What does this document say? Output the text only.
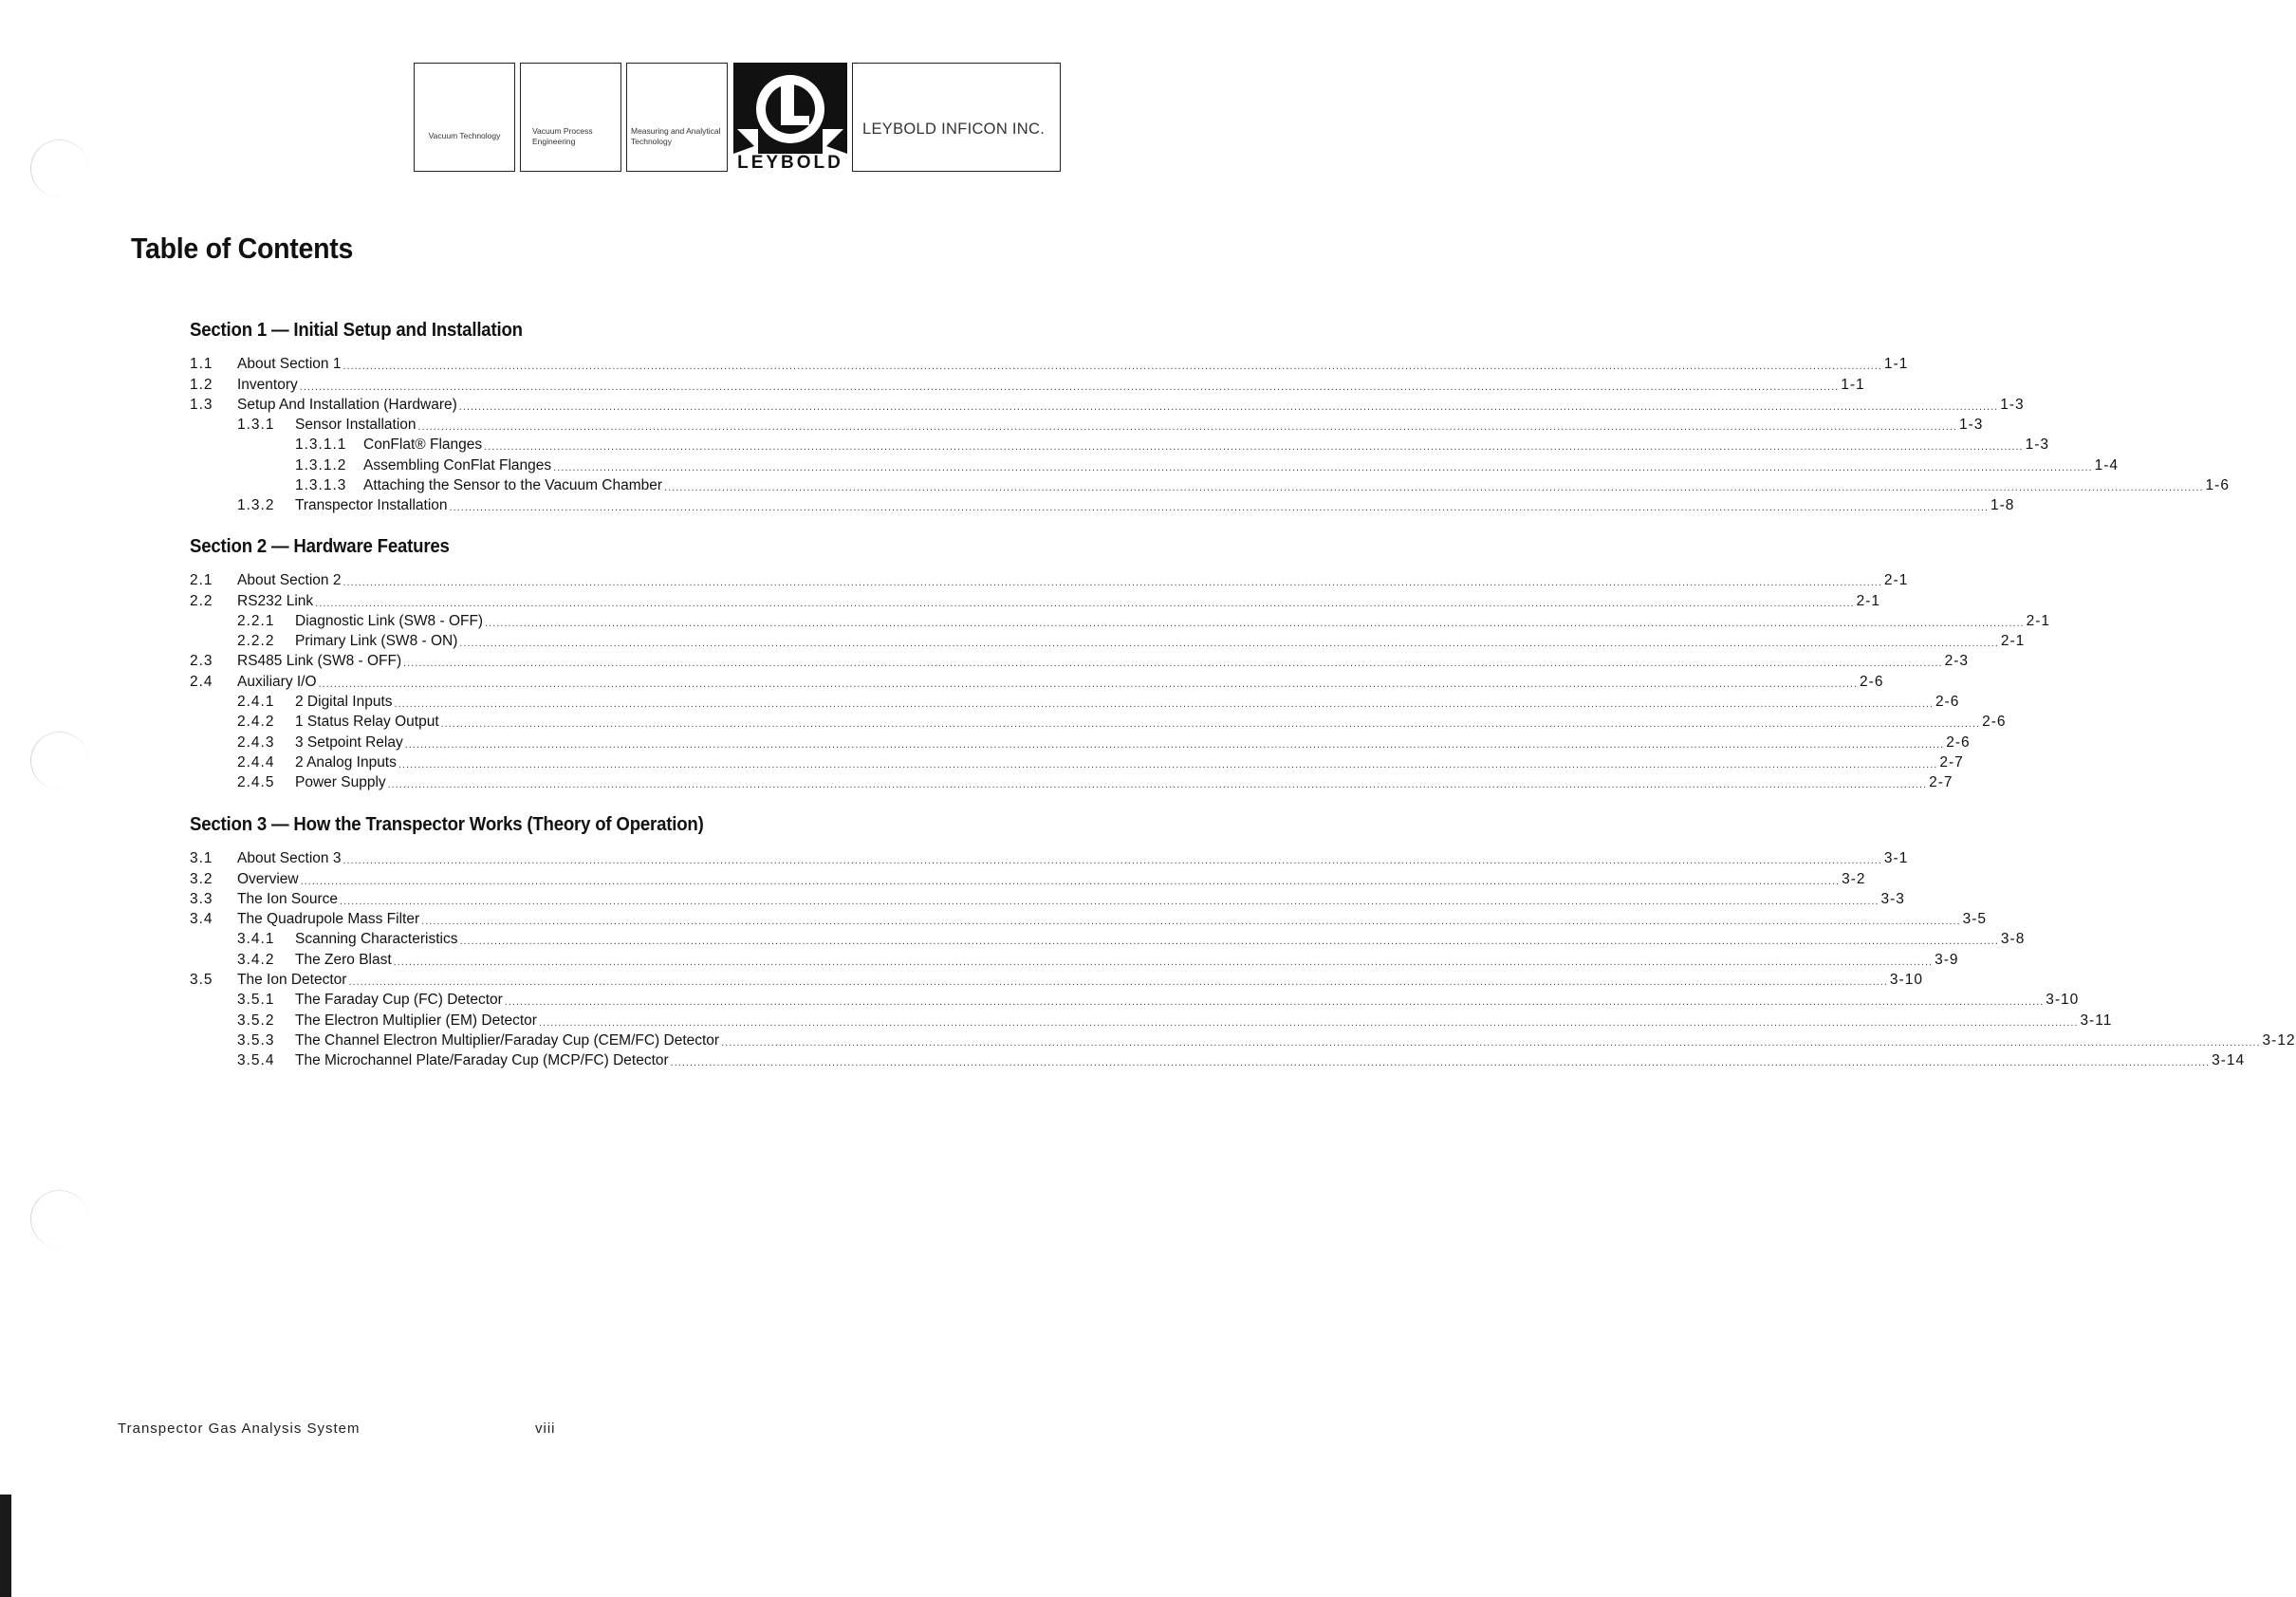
Vacuum Technology
Vacuum Process Engineering
Measuring and Analytical Technology
LEYBOLD
LEYBOLD INFICON INC.
Table of Contents
Section 1 — Initial Setup and Installation
1.1	About Section 1 ................................................................................................................................................................................................................................................................................................................................................................................................................ 1-1
1.2	Inventory ................................................................................................................................................................................................................................................................................................................................................................................................................ 1-1
1.3	Setup And Installation (Hardware) ................................................................................................................................................................................................................................................................................................................................................................................................................ 1-3
1.3.1	Sensor Installation ................................................................................................................................................................................................................................................................................................................................................................................................................ 1-3
1.3.1.1	ConFlat® Flanges ................................................................................................................................................................................................................................................................................................................................................................................................................ 1-3
1.3.1.2	Assembling ConFlat Flanges ................................................................................................................................................................................................................................................................................................................................................................................................................ 1-4
1.3.1.3	Attaching the Sensor to the Vacuum Chamber ................................................................................................................................................................................................................................................................................................................................................................................................................ 1-6
1.3.2	Transpector Installation ................................................................................................................................................................................................................................................................................................................................................................................................................ 1-8
Section 2 — Hardware Features
2.1	About Section 2 ................................................................................................................................................................................................................................................................................................................................................................................................................ 2-1
2.2	RS232 Link ................................................................................................................................................................................................................................................................................................................................................................................................................ 2-1
2.2.1	Diagnostic Link (SW8 - OFF) ................................................................................................................................................................................................................................................................................................................................................................................................................ 2-1
2.2.2	Primary Link (SW8 - ON) ................................................................................................................................................................................................................................................................................................................................................................................................................ 2-1
2.3	RS485 Link (SW8 - OFF) ................................................................................................................................................................................................................................................................................................................................................................................................................ 2-3
2.4	Auxiliary I/O ................................................................................................................................................................................................................................................................................................................................................................................................................ 2-6
2.4.1	2 Digital Inputs ................................................................................................................................................................................................................................................................................................................................................................................................................ 2-6
2.4.2	1 Status Relay Output ................................................................................................................................................................................................................................................................................................................................................................................................................ 2-6
2.4.3	3 Setpoint Relay ................................................................................................................................................................................................................................................................................................................................................................................................................ 2-6
2.4.4	2 Analog Inputs ................................................................................................................................................................................................................................................................................................................................................................................................................ 2-7
2.4.5	Power Supply ................................................................................................................................................................................................................................................................................................................................................................................................................ 2-7
Section 3 — How the Transpector Works (Theory of Operation)
3.1	About Section 3 ................................................................................................................................................................................................................................................................................................................................................................................................................ 3-1
3.2	Overview ................................................................................................................................................................................................................................................................................................................................................................................................................ 3-2
3.3	The Ion Source ................................................................................................................................................................................................................................................................................................................................................................................................................ 3-3
3.4	The Quadrupole Mass Filter ................................................................................................................................................................................................................................................................................................................................................................................................................ 3-5
3.4.1	Scanning Characteristics ................................................................................................................................................................................................................................................................................................................................................................................................................ 3-8
3.4.2	The Zero Blast ................................................................................................................................................................................................................................................................................................................................................................................................................ 3-9
3.5	The Ion Detector ................................................................................................................................................................................................................................................................................................................................................................................................................ 3-10
3.5.1	The Faraday Cup (FC) Detector ................................................................................................................................................................................................................................................................................................................................................................................................................ 3-10
3.5.2	The Electron Multiplier (EM) Detector ................................................................................................................................................................................................................................................................................................................................................................................................................ 3-11
3.5.3	The Channel Electron Multiplier/Faraday Cup (CEM/FC) Detector ................................................................................................................................................................................................................................................................................................................................................................................................................ 3-12
3.5.4	The Microchannel Plate/Faraday Cup (MCP/FC) Detector ................................................................................................................................................................................................................................................................................................................................................................................................................ 3-14
Transpector Gas Analysis System	viii
